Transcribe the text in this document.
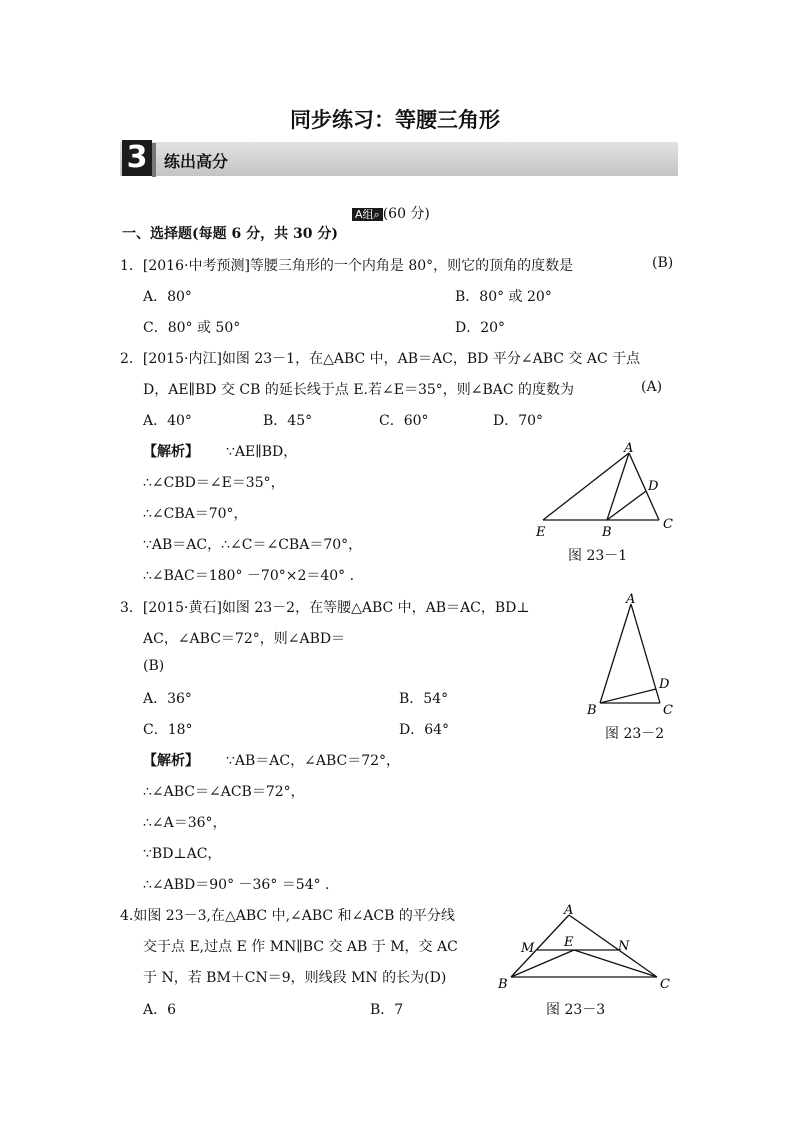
同步练习：等腰三角形
3 练出高分
A组⌕ (60 分)
一、选择题(每题 6 分，共 30 分)
1．[2016·中考预测]等腰三角形的一个内角是 80°，则它的顶角的度数是	(B)
A．80°	B．80° 或 20°
C．80° 或 50°	D．20°
2．[2015·内江]如图 23－1，在△ABC 中，AB＝AC，BD 平分∠ABC 交 AC 于点
D，AE∥BD 交 CB 的延长线于点 E.若∠E＝35°，则∠BAC 的度数为	(A)
A．40°	B．45°	C．60°	D．70°
【解析】 ∵AE∥BD，
∴∠CBD＝∠E＝35°，
∴∠CBA＝70°，
∵AB＝AC，∴∠C＝∠CBA＝70°，
∴∠BAC＝180° －70°×2＝40° .
A
D
E	B
C
图 23－1
3．[2015·黄石]如图 23－2，在等腰△ABC 中，AB＝AC，BD⊥
AC，∠ABC＝72°，则∠ABD＝
(B)
A．36°	B．54°
C．18°	D．64°
【解析】 ∵AB＝AC，∠ABC＝72°，
∴∠ABC＝∠ACB＝72°，
∴∠A＝36°，
∵BD⊥AC，
∴∠ABD＝90° －36° ＝54° .
A
D
B	C
图 23－2
4.如图 23－3,在△ABC 中,∠ABC 和∠ACB 的平分线
交于点 E,过点 E 作 MN∥BC 交 AB 于 M，交 AC
于 N，若 BM＋CN＝9，则线段 MN 的长为(D)
A．6	B．7
A
M E	N
B	C
图 23－3
